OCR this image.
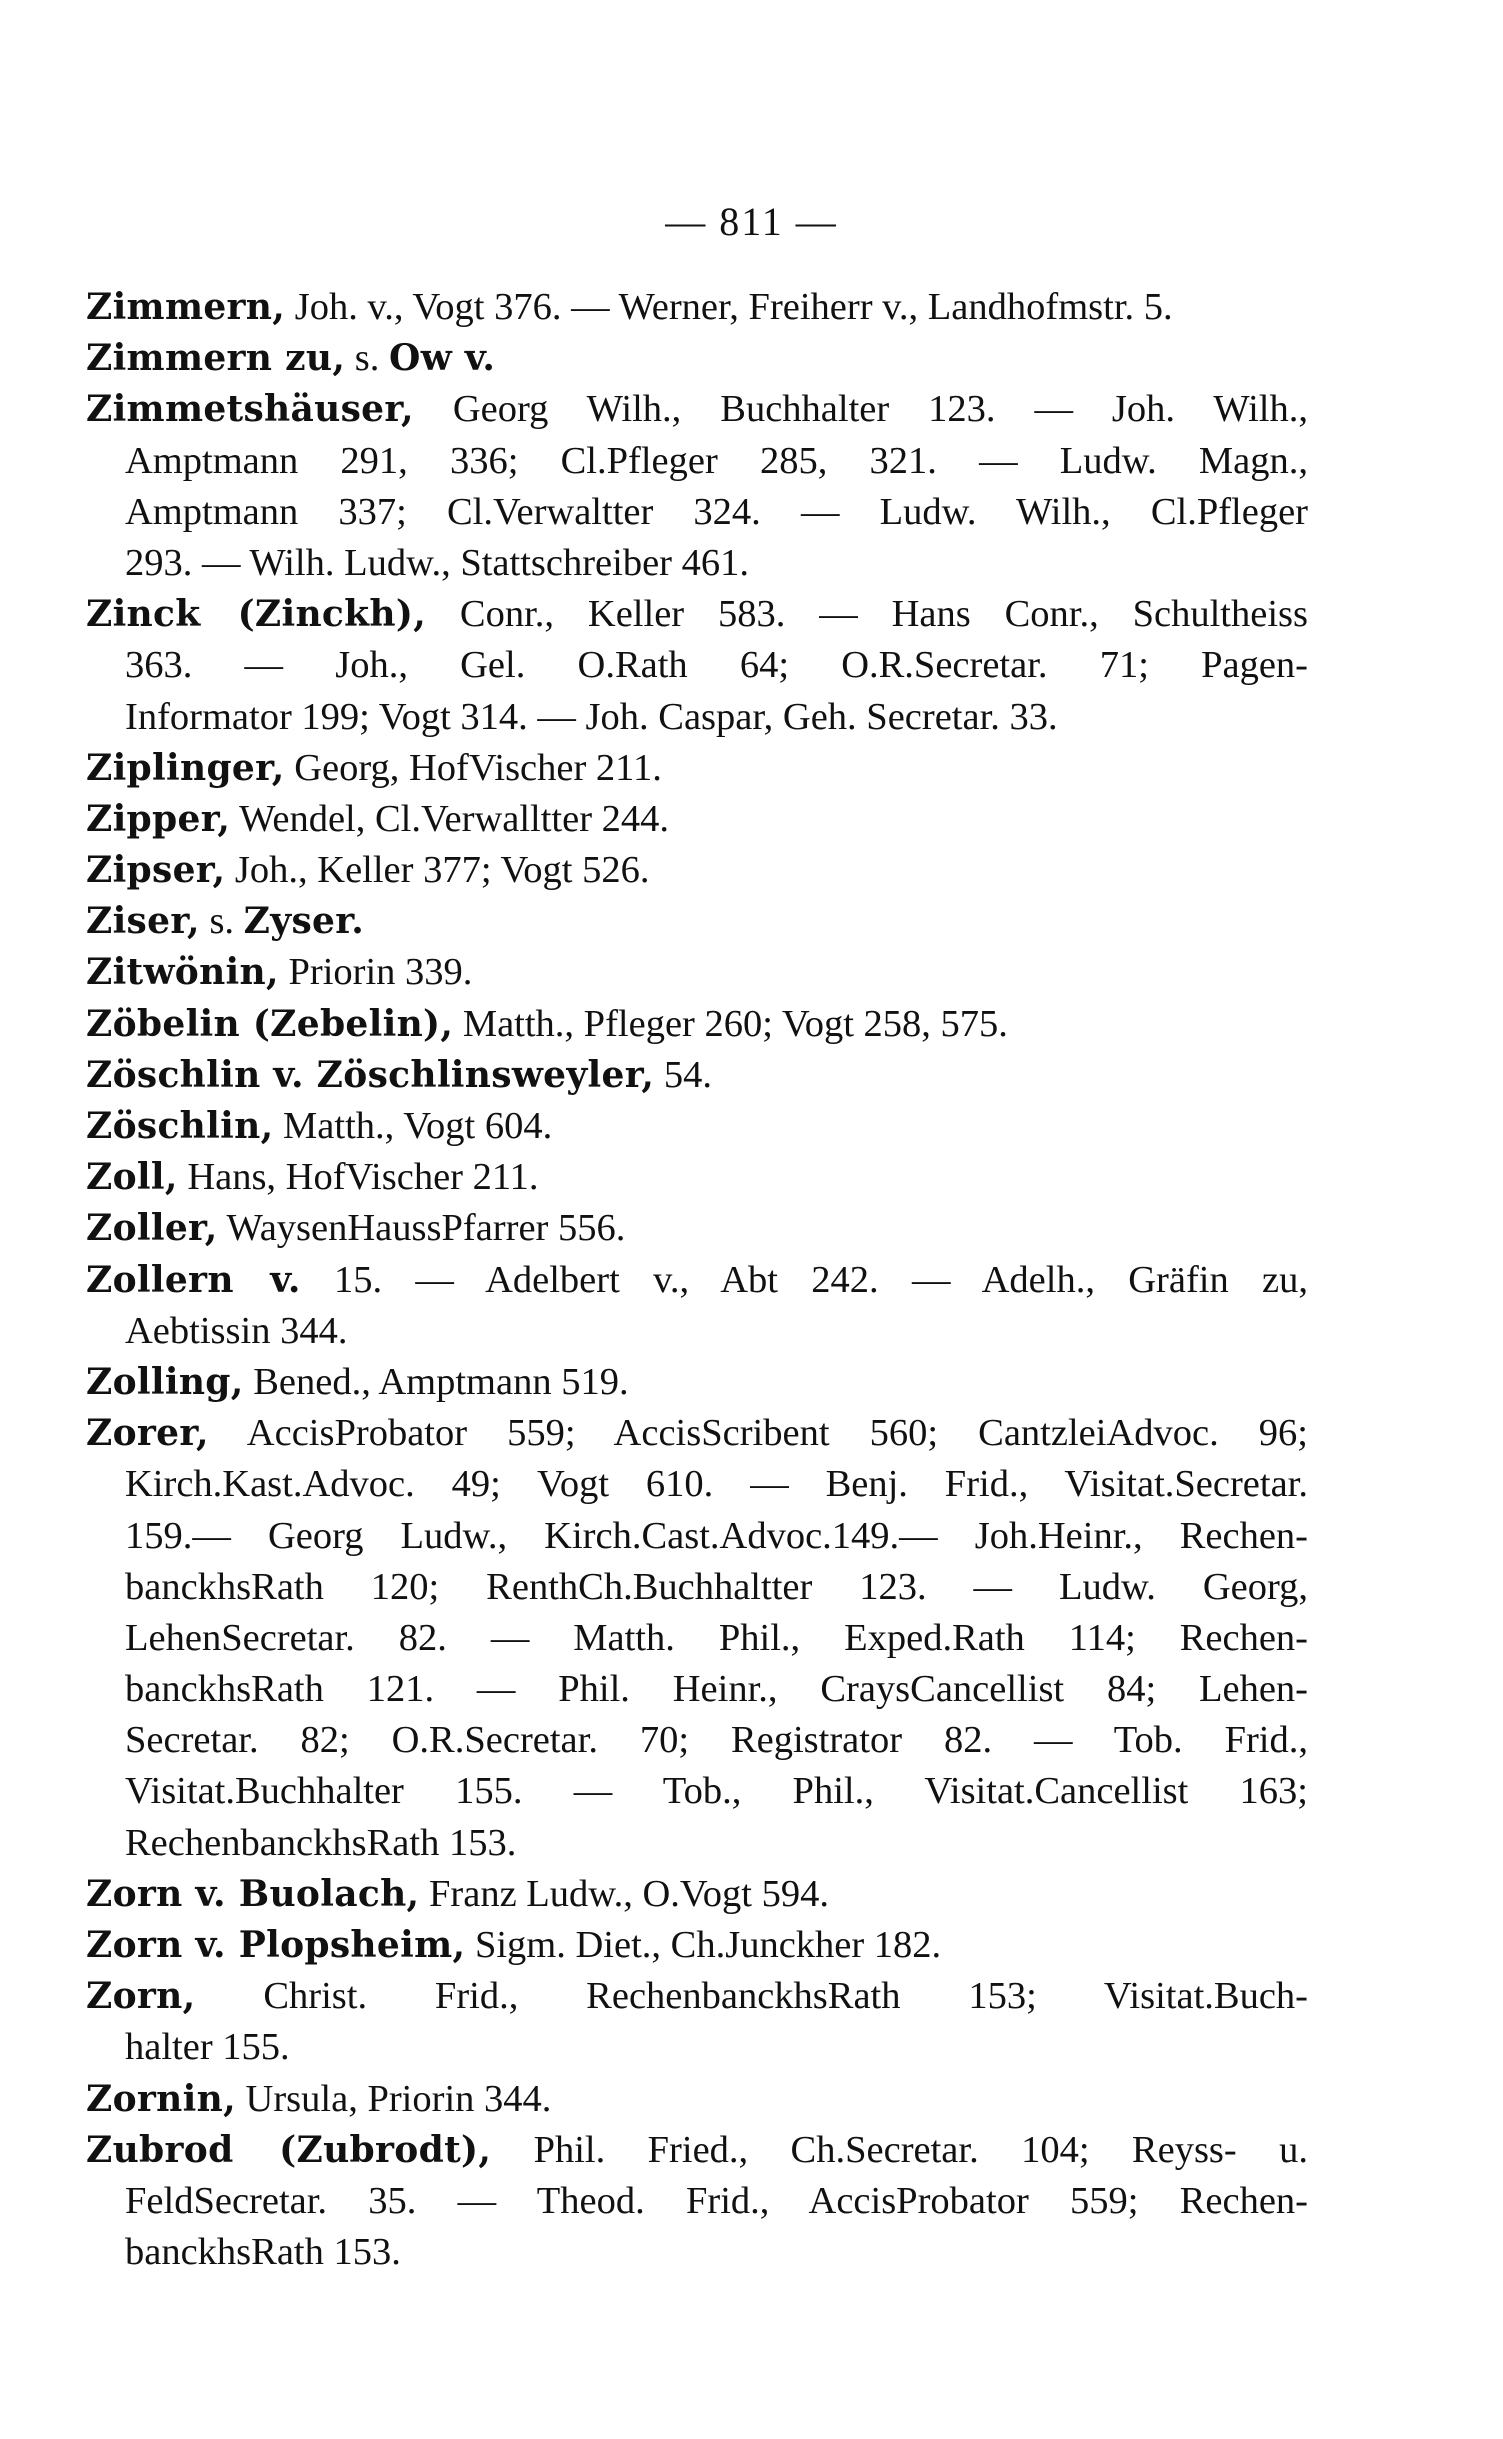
— 811 —
Zimmern, Joh. v., Vogt 376. — Werner, Freiherr v., Landhofmstr. 5.
Zimmern zu, s. Ow v.
Zimmetshäuser, Georg Wilh., Buchhalter 123. — Joh. Wilh.,
Amptmann 291, 336; Cl.Pfleger 285, 321. — Ludw. Magn.,
Amptmann 337; Cl.Verwaltter 324. — Ludw. Wilh., Cl.Pfleger
293. — Wilh. Ludw., Stattschreiber 461.
Zinck (Zinckh), Conr., Keller 583. — Hans Conr., Schultheiss
363. — Joh., Gel. O.Rath 64; O.R.Secretar. 71; Pagen-
Informator 199; Vogt 314. — Joh. Caspar, Geh. Secretar. 33.
Ziplinger, Georg, HofVischer 211.
Zipper, Wendel, Cl.Verwalltter 244.
Zipser, Joh., Keller 377; Vogt 526.
Ziser, s. Zyser.
Zitwönin, Priorin 339.
Zöbelin (Zebelin), Matth., Pfleger 260; Vogt 258, 575.
Zöschlin v. Zöschlinsweyler, 54.
Zöschlin, Matth., Vogt 604.
Zoll, Hans, HofVischer 211.
Zoller, WaysenHaussPfarrer 556.
Zollern v. 15. — Adelbert v., Abt 242. — Adelh., Gräfin zu,
Aebtissin 344.
Zolling, Bened., Amptmann 519.
Zorer, AccisProbator 559; AccisScribent 560; CantzleiAdvoc. 96;
Kirch.Kast.Advoc. 49; Vogt 610. — Benj. Frid., Visitat.Secretar.
159.— Georg Ludw., Kirch.Cast.Advoc.149.— Joh.Heinr., Rechen-
banckhsRath 120; RenthCh.Buchhaltter 123. — Ludw. Georg,
LehenSecretar. 82. — Matth. Phil., Exped.Rath 114; Rechen-
banckhsRath 121. — Phil. Heinr., CraysCancellist 84; Lehen-
Secretar. 82; O.R.Secretar. 70; Registrator 82. — Tob. Frid.,
Visitat.Buchhalter 155. — Tob., Phil., Visitat.Cancellist 163;
RechenbanckhsRath 153.
Zorn v. Buolach, Franz Ludw., O.Vogt 594.
Zorn v. Plopsheim, Sigm. Diet., Ch.Junckher 182.
Zorn, Christ. Frid., RechenbanckhsRath 153; Visitat.Buch-
halter 155.
Zornin, Ursula, Priorin 344.
Zubrod (Zubrodt), Phil. Fried., Ch.Secretar. 104; Reyss- u.
FeldSecretar. 35. — Theod. Frid., AccisProbator 559; Rechen-
banckhsRath 153.
